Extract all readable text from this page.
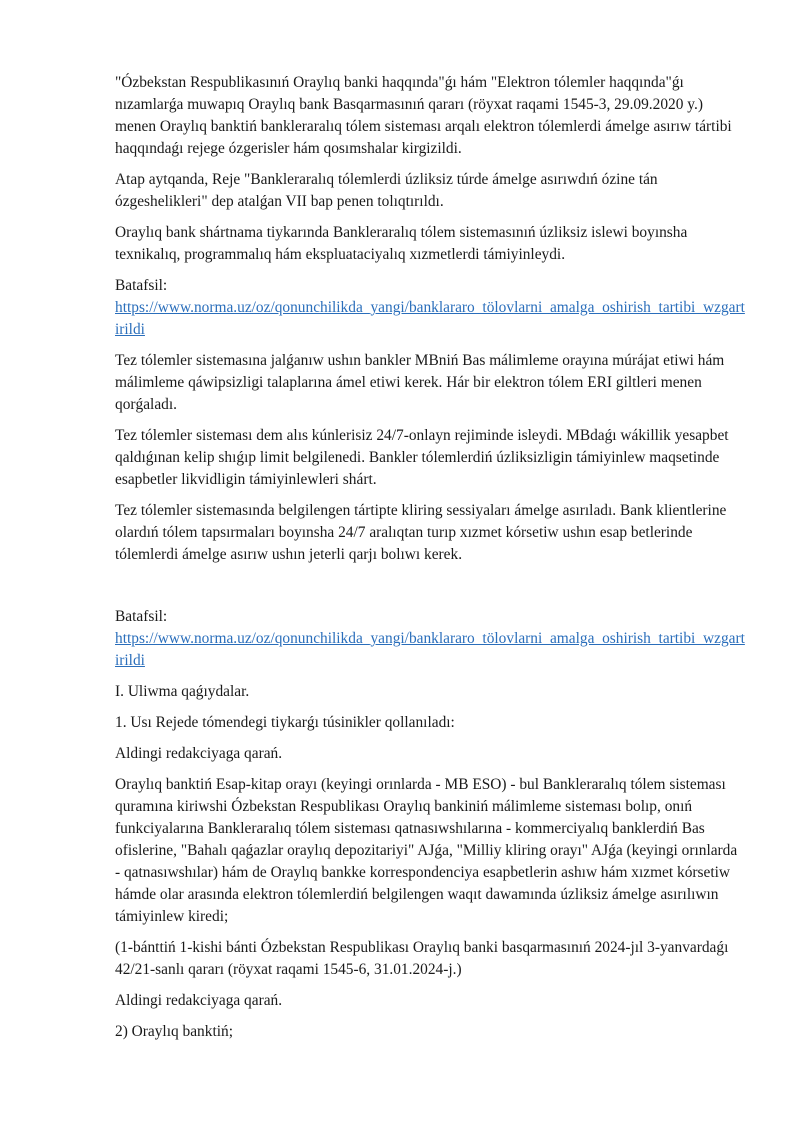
"Ózbekstan Respublikasınıń Oraylıq banki haqqında"ǵı hám "Elektron tólemler haqqında"ǵı nızamlarǵa muwapıq Oraylıq bank Basqarmasınıń qararı (röyxat raqami 1545-3, 29.09.2020 y.) menen Oraylıq banktiń bankleraralıq tólem sisteması arqalı elektron tólemlerdi ámelge asırıw tártibi haqqındaǵı rejege ózgerisler hám qosımshalar kirgizildi.

Atap aytqanda, Reje "Bankleraralıq tólemlerdi úzliksiz túrde ámelge asırıwdıń ózine tán ózgeshelikleri" dep atalǵan VII bap penen tolıqtırıldı.

Oraylıq bank shártnama tiykarında Bankleraralıq tólem sistemasınıń úzliksiz islewi boyınsha texnikalıq, programmalıq hám ekspluataciyalıq xızmetlerdi támiyinleydi.

Batafsil:
https://www.norma.uz/oz/qonunchilikda_yangi/banklararo_tölovlarni_amalga_oshirish_tartibi_wzgartirildi

Tez tólemler sistemasına jalǵanıw ushın bankler MBniń Bas málimleme orayına múrájat etiwi hám málimleme qáwipsizligi talaplarına ámel etiwi kerek. Hár bir elektron tólem ERI giltleri menen qorǵaladı.

Tez tólemler sisteması dem alıs kúnlerisiz 24/7-onlayn rejiminde isleydi. MBdaǵı wákillik yesapbet qaldıǵınan kelip shıǵıp limit belgilenedi. Bankler tólemlerdiń úzliksizligin támiyinlew maqsetinde esapbetler likvidligin támiyinlewleri shárt.

Tez tólemler sistemasında belgilengen tártipte kliring sessiyaları ámelge asırıladı. Bank klientlerine olardıń tólem tapsırmaları boyınsha 24/7 aralıqtan turıp xızmet kórsetiw ushın esap betlerinde tólemlerdi ámelge asırıw ushın jeterli qarjı bolıwı kerek.

Batafsil:
https://www.norma.uz/oz/qonunchilikda_yangi/banklararo_tölovlarni_amalga_oshirish_tartibi_wzgartirildi

I. Uliwma qaǵıydalar.

1. Usı Rejede tómendegi tiykarǵı túsinikler qollanıladı:

Aldingi redakciyaga qarań.

Oraylıq banktiń Esap-kitap orayı (keyingi orınlarda - MB ESO) - bul Bankleraralıq tólem sisteması quramına kiriwshi Ózbekstan Respublikası Oraylıq bankiniń málimleme sisteması bolıp, onıń funkciyalarına Bankleraralıq tólem sisteması qatnasıwshılarına - kommerciyalıq banklerdiń Bas ofislerine, "Bahalı qaǵazlar oraylıq depozitariyi" AJǵa, "Milliy kliring orayı" AJǵa (keyingi orınlarda - qatnasıwshılar) hám de Oraylıq bankke korrespondenciya esapbetlerin ashıw hám xızmet kórsetiw hámde olar arasında elektron tólemlerdiń belgilengen waqıt dawamında úzliksiz ámelge asırılıwın támiyinlew kiredi;

(1-bánttiń 1-kishi bánti Ózbekstan Respublikası Oraylıq banki basqarmasınıń 2024-jıl 3-yanvardaǵı 42/21-sanlı qararı (röyxat raqami 1545-6, 31.01.2024-j.)

Aldingi redakciyaga qarań.

2) Oraylıq banktiń;
